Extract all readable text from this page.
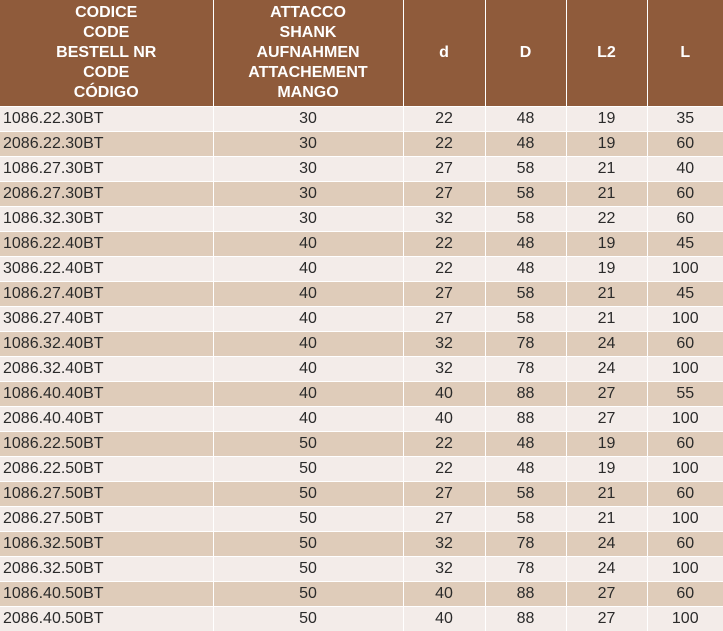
CODICE
CODE
BESTELL NR
CODE
CÓDIGO	ATTACCO
SHANK
AUFNAHMEN
ATTACHEMENT
MANGO	d	D	L2	L
1086.22.30BT	30	22	48	19	35
2086.22.30BT	30	22	48	19	60
1086.27.30BT	30	27	58	21	40
2086.27.30BT	30	27	58	21	60
1086.32.30BT	30	32	58	22	60
1086.22.40BT	40	22	48	19	45
3086.22.40BT	40	22	48	19	100
1086.27.40BT	40	27	58	21	45
3086.27.40BT	40	27	58	21	100
1086.32.40BT	40	32	78	24	60
2086.32.40BT	40	32	78	24	100
1086.40.40BT	40	40	88	27	55
2086.40.40BT	40	40	88	27	100
1086.22.50BT	50	22	48	19	60
2086.22.50BT	50	22	48	19	100
1086.27.50BT	50	27	58	21	60
2086.27.50BT	50	27	58	21	100
1086.32.50BT	50	32	78	24	60
2086.32.50BT	50	32	78	24	100
1086.40.50BT	50	40	88	27	60
2086.40.50BT	50	40	88	27	100
